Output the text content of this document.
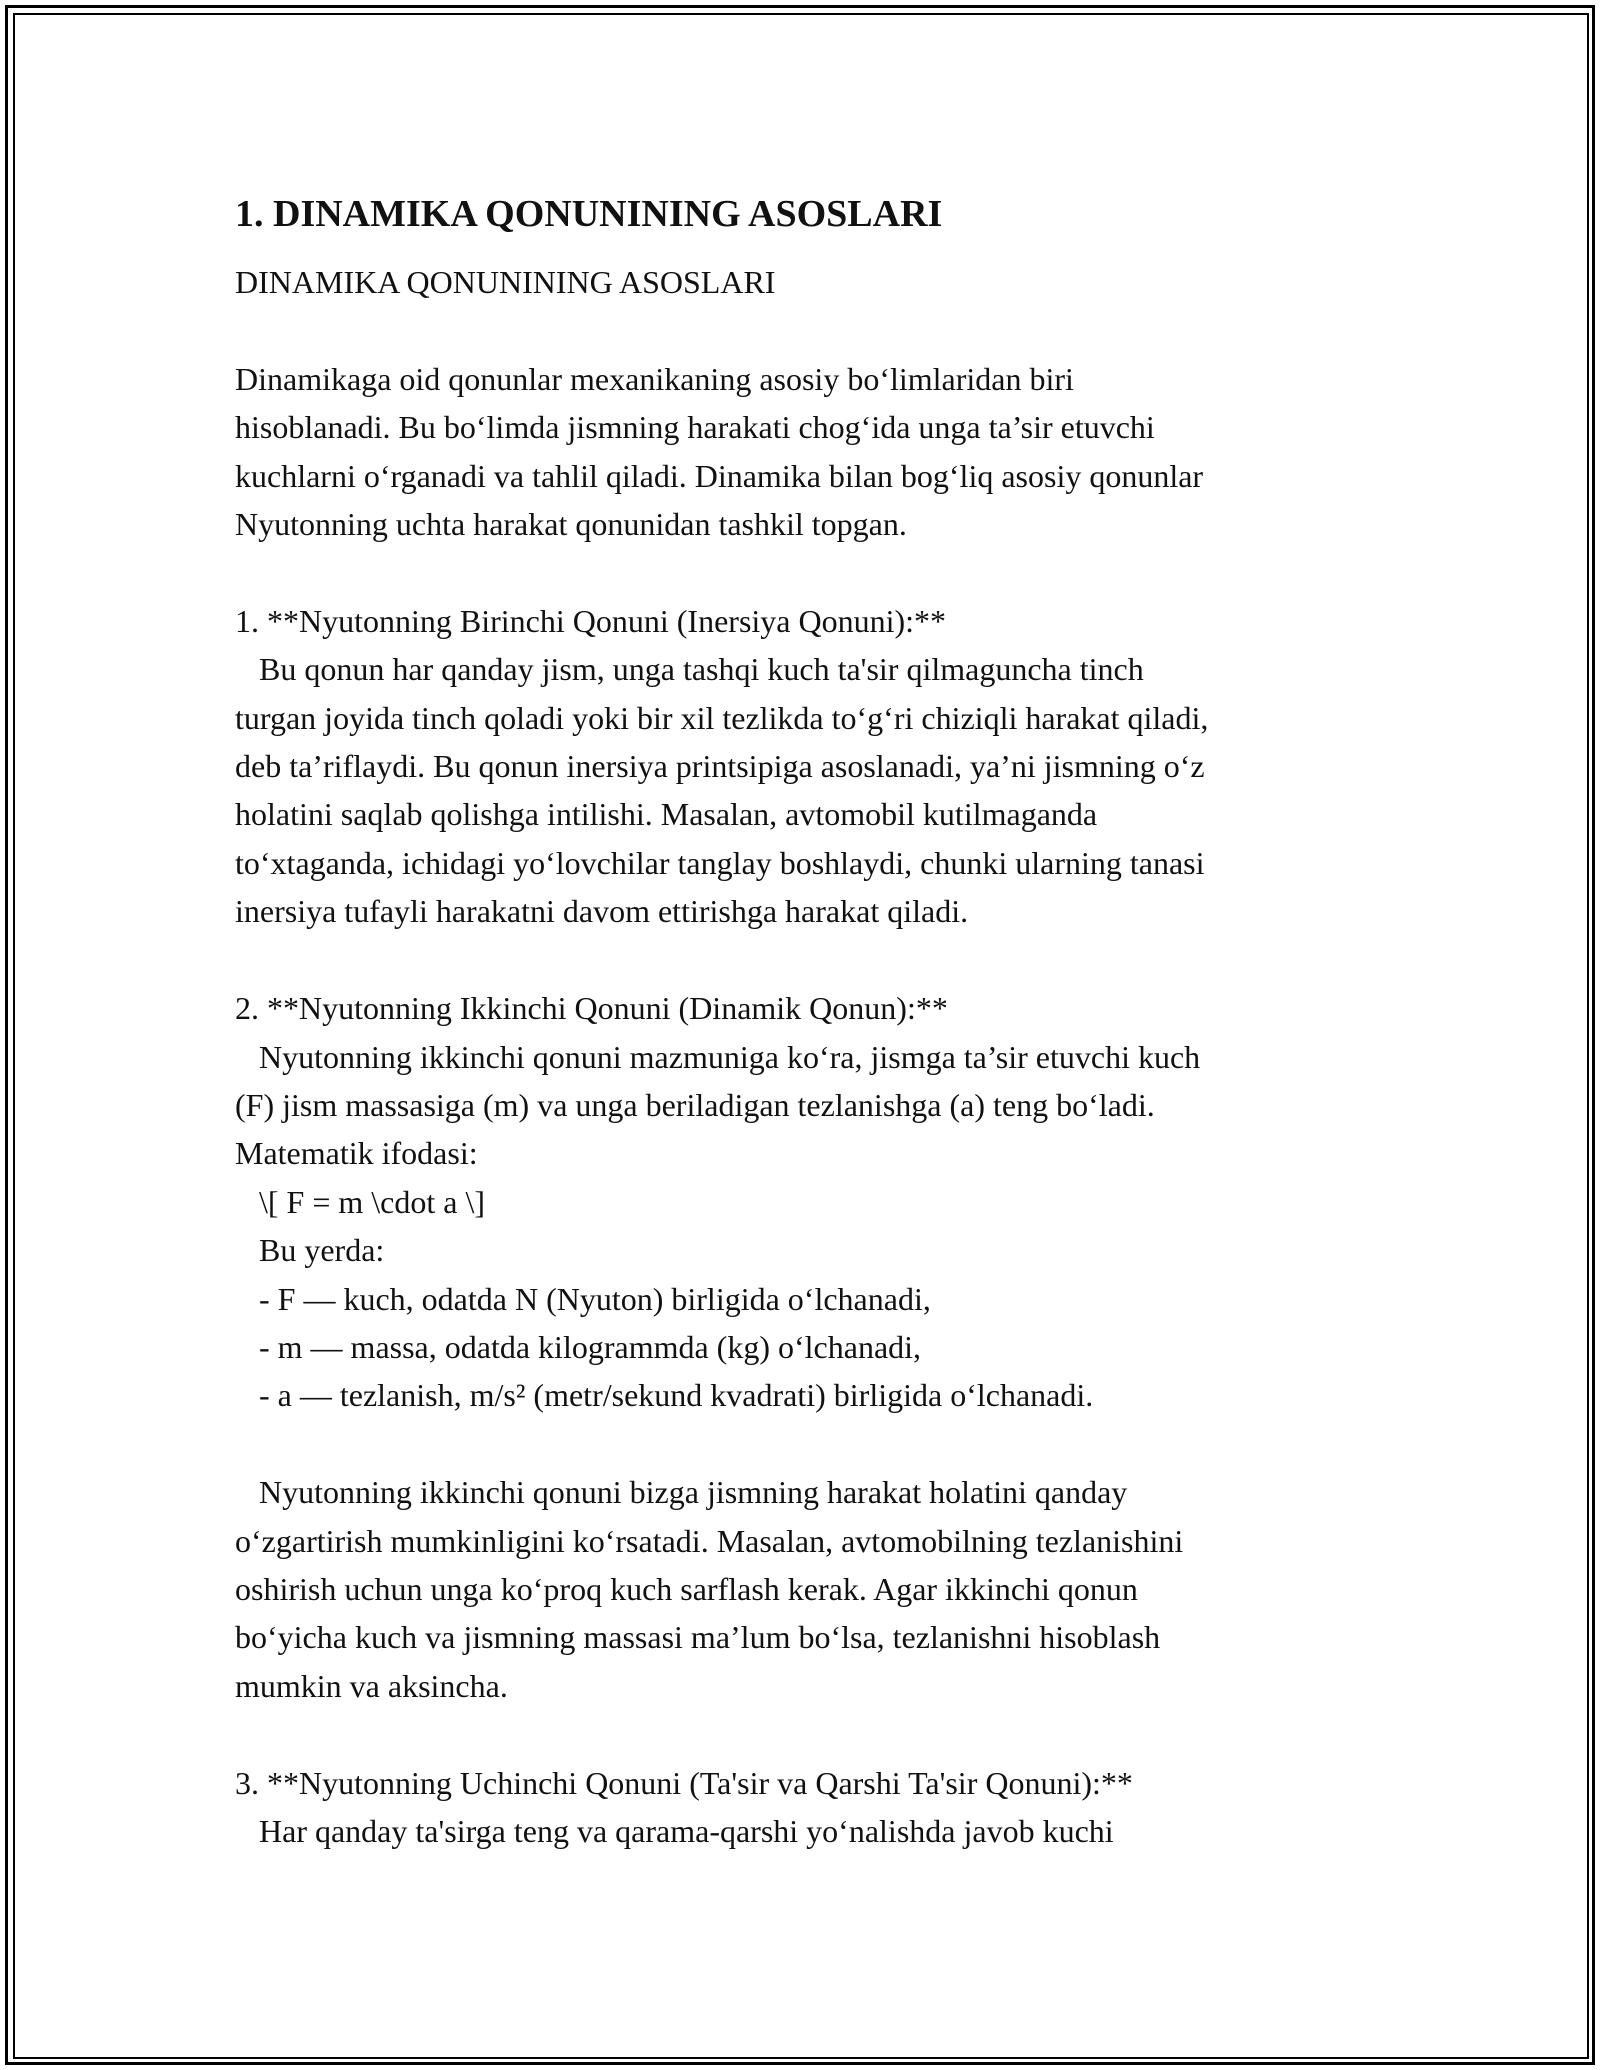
1. DINAMIKA QONUNINING ASOSLARI

DINAMIKA QONUNINING ASOSLARI

Dinamikaga oid qonunlar mexanikaning asosiy bo‘limlaridan biri
hisoblanadi. Bu bo‘limda jismning harakati chog‘ida unga ta’sir etuvchi
kuchlarni o‘rganadi va tahlil qiladi. Dinamika bilan bog‘liq asosiy qonunlar
Nyutonning uchta harakat qonunidan tashkil topgan.

1. **Nyutonning Birinchi Qonuni (Inersiya Qonuni):**
Bu qonun har qanday jism, unga tashqi kuch ta'sir qilmaguncha tinch
turgan joyida tinch qoladi yoki bir xil tezlikda to‘g‘ri chiziqli harakat qiladi,
deb ta’riflaydi. Bu qonun inersiya printsipiga asoslanadi, ya’ni jismning o‘z
holatini saqlab qolishga intilishi. Masalan, avtomobil kutilmaganda
to‘xtaganda, ichidagi yo‘lovchilar tanglay boshlaydi, chunki ularning tanasi
inersiya tufayli harakatni davom ettirishga harakat qiladi.

2. **Nyutonning Ikkinchi Qonuni (Dinamik Qonun):**
Nyutonning ikkinchi qonuni mazmuniga ko‘ra, jismga ta’sir etuvchi kuch
(F) jism massasiga (m) va unga beriladigan tezlanishga (a) teng bo‘ladi.
Matematik ifodasi:
\[ F = m \cdot a \]
Bu yerda:
- F — kuch, odatda N (Nyuton) birligida o‘lchanadi,
- m — massa, odatda kilogrammda (kg) o‘lchanadi,
- a — tezlanish, m/s² (metr/sekund kvadrati) birligida o‘lchanadi.

Nyutonning ikkinchi qonuni bizga jismning harakat holatini qanday
o‘zgartirish mumkinligini ko‘rsatadi. Masalan, avtomobilning tezlanishini
oshirish uchun unga ko‘proq kuch sarflash kerak. Agar ikkinchi qonun
bo‘yicha kuch va jismning massasi ma’lum bo‘lsa, tezlanishni hisoblash
mumkin va aksincha.

3. **Nyutonning Uchinchi Qonuni (Ta'sir va Qarshi Ta'sir Qonuni):**
Har qanday ta'sirga teng va qarama-qarshi yo‘nalishda javob kuchi
